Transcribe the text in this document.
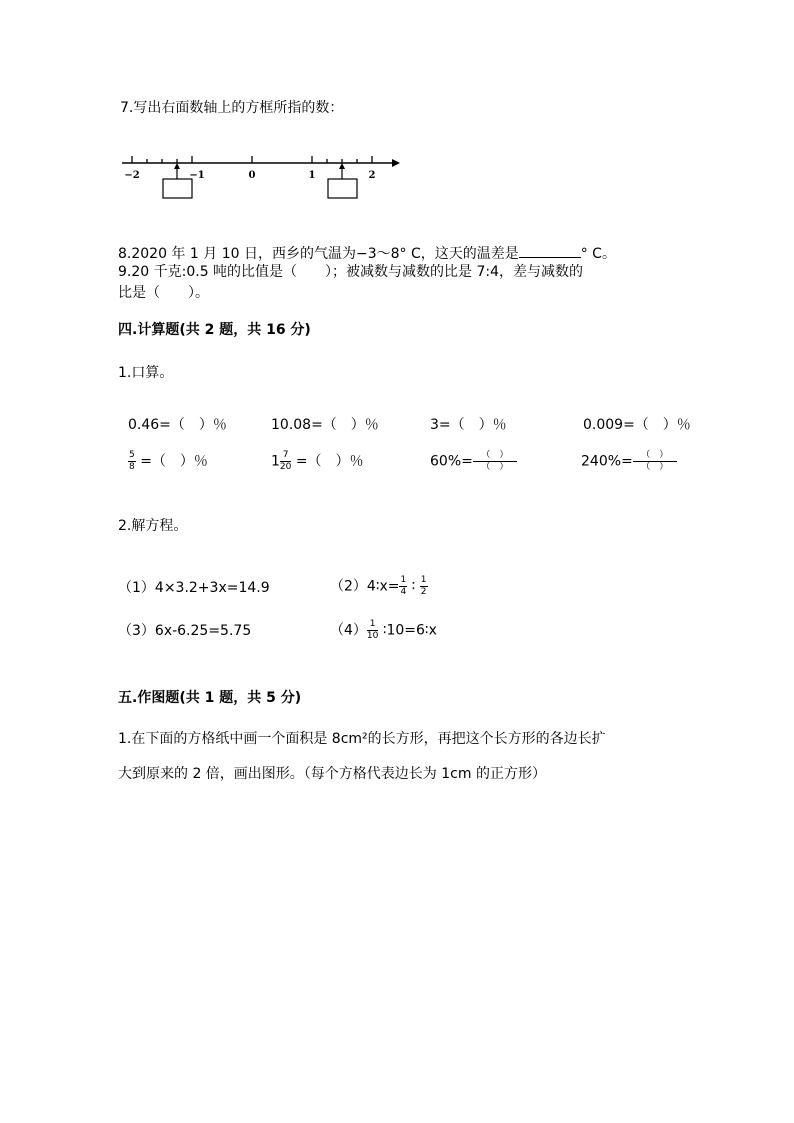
7.写出右面数轴上的方框所指的数：
−2	−1	0	1	2
8.2020 年 1 月 10 日，西乡的气温为−3～8° C，这天的温差是	° C。
9.20 千克:0.5 吨的比值是（　　）；被减数与减数的比是 7:4，差与减数的
比是（　　）。
四.计算题(共 2 题，共 16 分)
1.口算。
0.46=（　）％	10.08=（　）％	3=（　）％	0.009=（　）％
$\frac{5}{8}$ =（　）％	$1 \frac{7}{20}$ =（　）％	$60\%= \frac{( )}{( )}$	$240\%= \frac{( )}{( )}$
2.解方程。
（1）4×3.2+3x=14.9	（2）4∶x= $\frac{1}{4}$ ∶ $\frac{1}{2}$
（3）6x-6.25=5.75	$(4) \frac{1}{10}$ ∶10=6∶x
五.作图题(共 1 题，共 5 分)
1.在下面的方格纸中画一个面积是 8cm²的长方形，再把这个长方形的各边长扩
大到原来的 2 倍，画出图形。（每个方格代表边长为 1cm 的正方形）
